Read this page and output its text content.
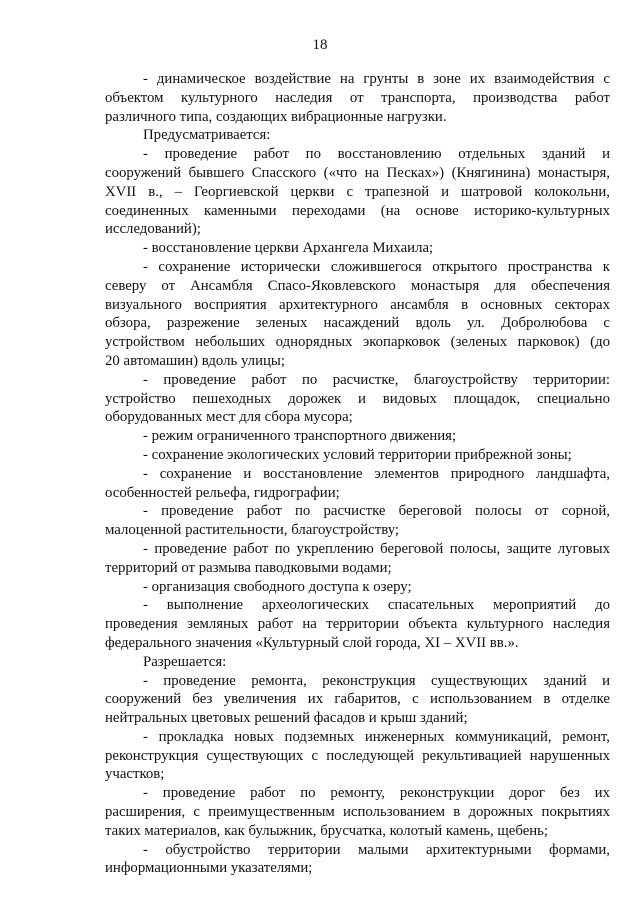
18
- динамическое воздействие на грунты в зоне их взаимодействия с
объектом культурного наследия от транспорта, производства работ
различного типа, создающих вибрационные нагрузки.
Предусматривается:
- проведение работ по восстановлению отдельных зданий и
сооружений бывшего Спасского («что на Песках») (Княгинина) монастыря,
XVII в., – Георгиевской церкви с трапезной и шатровой колокольни,
соединенных каменными переходами (на основе историко-культурных
исследований);
- восстановление церкви Архангела Михаила;
- сохранение исторически сложившегося открытого пространства к
северу от Ансамбля Спасо-Яковлевского монастыря для обеспечения
визуального восприятия архитектурного ансамбля в основных секторах
обзора, разрежение зеленых насаждений вдоль ул. Добролюбова с
устройством небольших однорядных экопарковок (зеленых парковок) (до
20 автомашин) вдоль улицы;
- проведение работ по расчистке, благоустройству территории:
устройство пешеходных дорожек и видовых площадок, специально
оборудованных мест для сбора мусора;
- режим ограниченного транспортного движения;
- сохранение экологических условий территории прибрежной зоны;
- сохранение и восстановление элементов природного ландшафта,
особенностей рельефа, гидрографии;
- проведение работ по расчистке береговой полосы от сорной,
малоценной растительности, благоустройству;
- проведение работ по укреплению береговой полосы, защите луговых
территорий от размыва паводковыми водами;
- организация свободного доступа к озеру;
- выполнение археологических спасательных мероприятий до
проведения земляных работ на территории объекта культурного наследия
федерального значения «Культурный слой города, XI – XVII вв.».
Разрешается:
- проведение ремонта, реконструкция существующих зданий и
сооружений без увеличения их габаритов, с использованием в отделке
нейтральных цветовых решений фасадов и крыш зданий;
- прокладка новых подземных инженерных коммуникаций, ремонт,
реконструкция существующих с последующей рекультивацией нарушенных
участков;
- проведение работ по ремонту, реконструкции дорог без их
расширения, с преимущественным использованием в дорожных покрытиях
таких материалов, как булыжник, брусчатка, колотый камень, щебень;
- обустройство территории малыми архитектурными формами,
информационными указателями;
